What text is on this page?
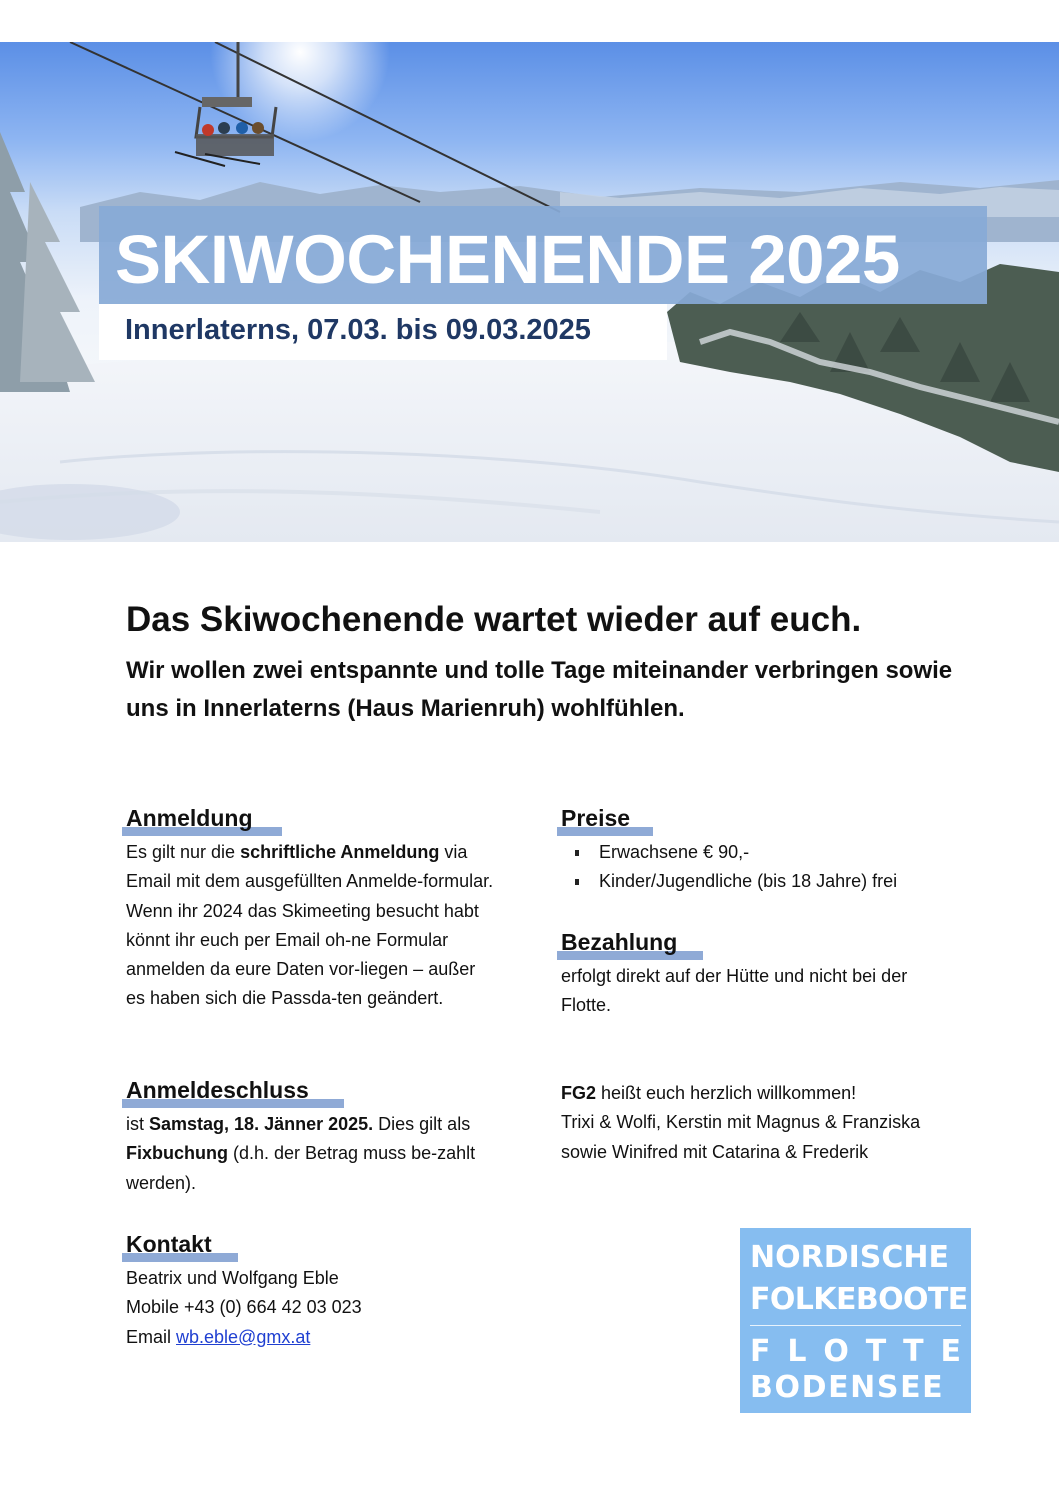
SKIWOCHENENDE 2025
Innerlaterns, 07.03. bis 09.03.2025
Das Skiwochenende wartet wieder auf euch.

Wir wollen zwei entspannte und tolle Tage miteinander verbringen sowie uns in Innerlaterns (Haus Marienruh) wohlfühlen.

Anmeldung

Es gilt nur die schriftliche Anmeldung via Email mit dem ausgefüllten Anmelde-formular. Wenn ihr 2024 das Skimeeting besucht habt könnt ihr euch per Email oh-ne Formular anmelden da eure Daten vor-liegen – außer es haben sich die Passda-ten geändert.

Anmeldeschluss

ist Samstag, 18. Jänner 2025. Dies gilt als Fixbuchung (d.h. der Betrag muss be-zahlt werden).

Kontakt

Beatrix und Wolfgang Eble
Mobile +43 (0) 664 42 03 023
Email wb.eble@gmx.at

Preise
Erwachsene € 90,-
Kinder/Jugendliche (bis 18 Jahre) frei
Bezahlung

erfolgt direkt auf der Hütte und nicht bei der Flotte.

FG2 heißt euch herzlich willkommen!
Trixi & Wolfi, Kerstin mit Magnus & Franziska sowie Winifred mit Catarina & Frederik

NORDISCHE
FOLKEBOOTE
F L O T T E
BODENSEE
